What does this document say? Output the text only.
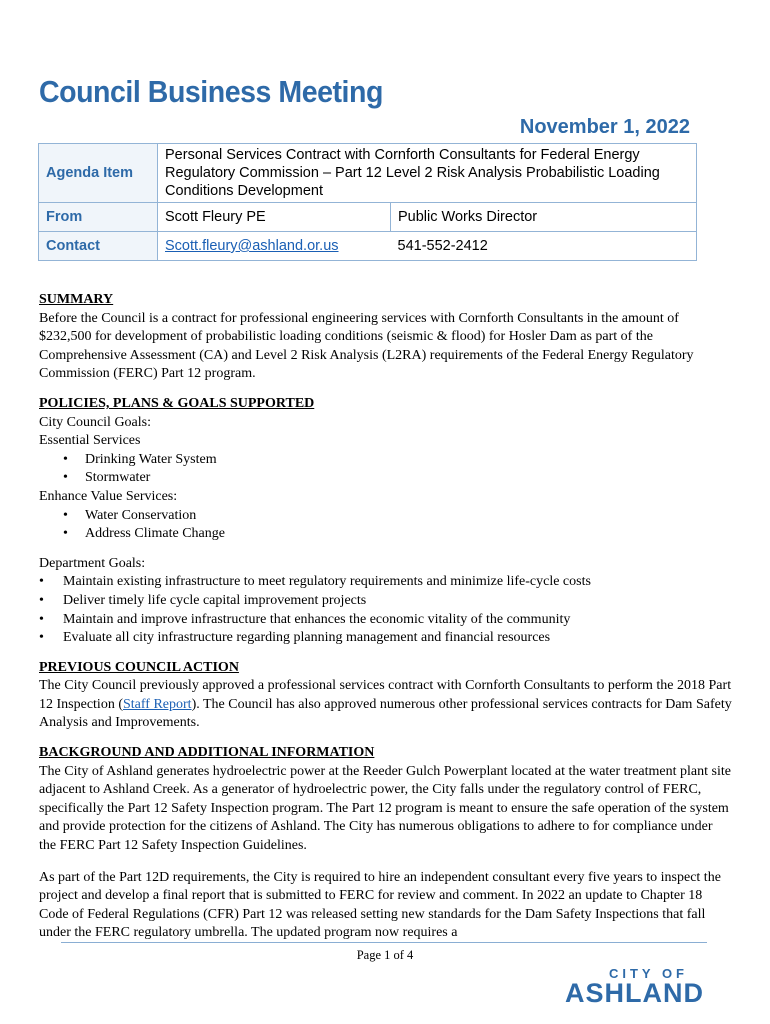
Council Business Meeting
November 1, 2022
Agenda Item	Personal Services Contract with Cornforth Consultants for Federal Energy Regulatory Commission – Part 12 Level 2 Risk Analysis Probabilistic Loading Conditions Development	
From	Scott Fleury PE	Public Works Director
Contact	Scott.fleury@ashland.or.us	541-552-2412
SUMMARY

Before the Council is a contract for professional engineering services with Cornforth Consultants in the amount of $232,500 for development of probabilistic loading conditions (seismic & flood) for Hosler Dam as part of the Comprehensive Assessment (CA) and Level 2 Risk Analysis (L2RA) requirements of the Federal Energy Regulatory Commission (FERC) Part 12 program.

POLICIES, PLANS & GOALS SUPPORTED

City Council Goals:

Essential Services

• Drinking Water System
• Stormwater

Enhance Value Services:

• Water Conservation
• Address Climate Change

Department Goals:

• Maintain existing infrastructure to meet regulatory requirements and minimize life-cycle costs
• Deliver timely life cycle capital improvement projects
• Maintain and improve infrastructure that enhances the economic vitality of the community
• Evaluate all city infrastructure regarding planning management and financial resources
PREVIOUS COUNCIL ACTION

The City Council previously approved a professional services contract with Cornforth Consultants to perform the 2018 Part 12 Inspection (Staff Report). The Council has also approved numerous other professional services contracts for Dam Safety Analysis and Improvements.

BACKGROUND AND ADDITIONAL INFORMATION

The City of Ashland generates hydroelectric power at the Reeder Gulch Powerplant located at the water treatment plant site adjacent to Ashland Creek. As a generator of hydroelectric power, the City falls under the regulatory control of FERC, specifically the Part 12 Safety Inspection program. The Part 12 program is meant to ensure the safe operation of the system and provide protection for the citizens of Ashland. The City has numerous obligations to adhere to for compliance under the FERC Part 12 Safety Inspection Guidelines.

As part of the Part 12D requirements, the City is required to hire an independent consultant every five years to inspect the project and develop a final report that is submitted to FERC for review and comment. In 2022 an update to Chapter 18 Code of Federal Regulations (CFR) Part 12 was released setting new standards for the Dam Safety Inspections that fall under the FERC regulatory umbrella. The updated program now requires a

Page 1 of 4
CITY OF
ASHLAND
